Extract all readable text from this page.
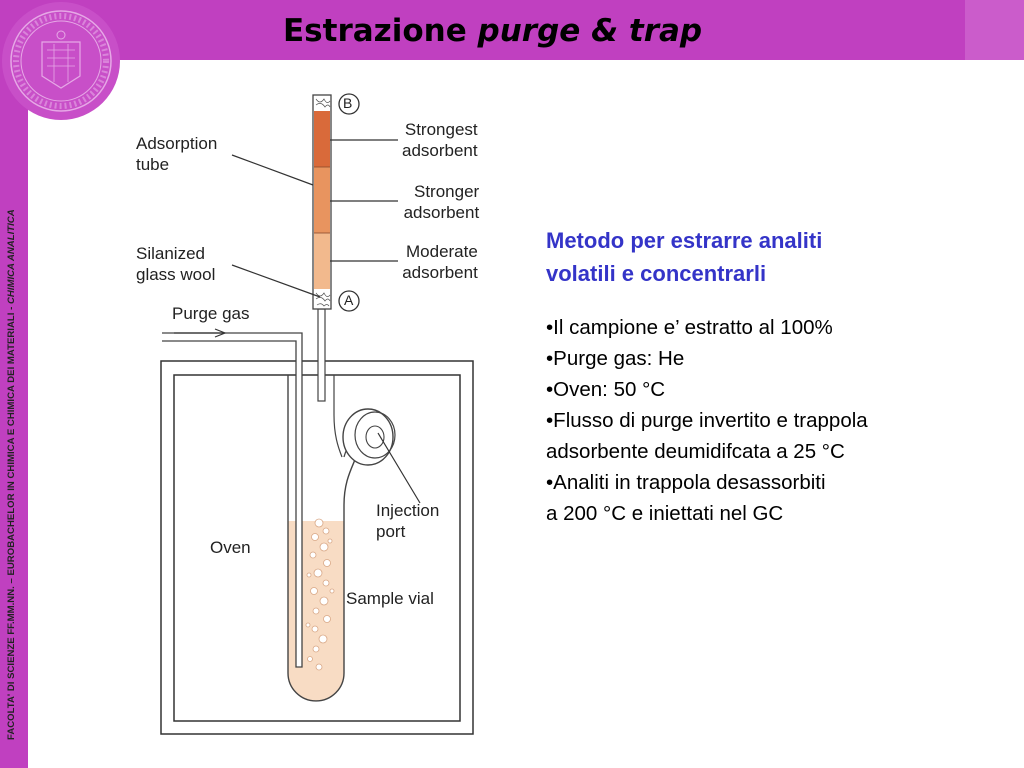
Estrazione purge & trap
FACOLTA' DI SCIENZE FF.MM.NN. – EUROBACHELOR IN CHIMICA E CHIMICA DEI MATERIALI - CHIMICA ANALITICA
Adsorption
tube
Silanized
glass wool
Purge gas
Oven
Strongest
adsorbent
Stronger
adsorbent
Moderate
adsorbent
Injection
port
Sample vial
B
A
Metodo per estrarre analiti
volatili e concentrarli
•Il campione e’ estratto al 100%
•Purge gas: He
•Oven: 50 °C
•Flusso di purge invertito e trappola
adsorbente deumidifcata a 25 °C
•Analiti in trappola desassorbiti
a 200 °C e iniettati nel GC
